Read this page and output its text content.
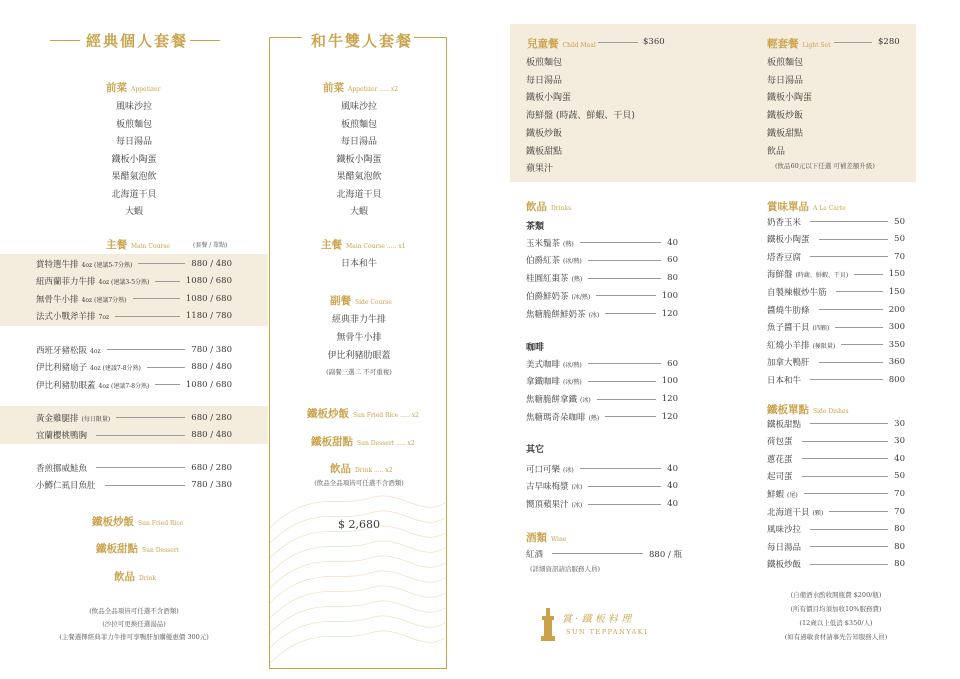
經典個人套餐
前菜 Appetizer
風味沙拉
板煎麵包
每日湯品
鐵板小陶蛋
果醋氣泡飲
北海道干貝
大蝦
主餐 Main Course	(套餐 / 單點)
賞特選牛排 4oz (建議5-7分熟)	880 / 480
紐西蘭菲力牛排 4oz (建議3-5分熟)	1080 / 680
無骨牛小排 4oz (建議7分熟)	1080 / 680
法式小戰斧羊排 7oz	1180 / 780
西班牙豬松阪 4oz	780 / 380
伊比利豬扇子 4oz (建議7-8分熟)	880 / 480
伊比利豬肋眼蓋 4oz (建議7-8分熟)	1080 / 680
黃金雞腿排 (每日限量)	680 / 280
宜蘭櫻桃鴨胸	880 / 480
香煎挪威鮭魚	680 / 280
小鱒仁虱目魚肚	780 / 380
鐵板炒飯 Sun Fried Rice
鐵板甜點 Sun Dessert
飲品 Drink
(飲品全品項皆可任選不含酒類)
(沙拉可更換任選湯品)
(主餐選擇經典菲力牛排可享鴨肝加購優惠價 300元)
和牛雙人套餐
前菜 Appetizer ..... x2
風味沙拉
板煎麵包
每日湯品
鐵板小陶蛋
果醋氣泡飲
北海道干貝
大蝦
主餐 Main Course ..... x1
日本和牛
副餐 Side Course
經典菲力牛排
無骨牛小排
伊比利豬肋眼蓋
(副餐三選二 不可重複)
鐵板炒飯 Sun Fried Rice ..... x2
鐵板甜點 Sun Dessert ..... x2
飲品 Drink ..... x2
(飲品全品項皆可任選不含酒類)
$ 2,680
兒童餐 Child Meal	$360
板煎麵包
每日湯品
鐵板小陶蛋
海鮮盤 (時蔬、鮮蝦、干貝)
鐵板炒飯
鐵板甜點
蘋果汁
輕套餐 Light Set	$280
板煎麵包
每日湯品
鐵板小陶蛋
鐵板炒飯
鐵板甜點
飲品
(飲品60元以下任選 可補差額升級)
飲品 Drinks
茶類
咖啡
其它
酒類 Wine
(詳細資訊請洽服務人員)
玉米鬚茶 (熱)	40
伯爵紅茶 (冰/熱)	60
桂圓紅棗茶 (熱)	80
伯爵鮮奶茶 (冰/熱)	100
焦糖脆餅鮮奶茶 (冰)	120
美式咖啡 (冰/熱)	60
拿鐵咖啡 (冰/熱)	100
焦糖脆餅拿鐵 (冰)	120
焦糖瑪奇朵咖啡 (熱)	120
可口可樂 (冰)	40
古早味梅漿 (冰)	40
嚮頂蘋果汁 (冰)	40
紅酒	880 / 瓶
賞味單品 A La Carte
鐵板單點 Side Dishes
奶香玉米	50
鐵板小陶蛋	50
塔香豆腐	70
海鮮盤 (時蔬、鮮蝦、干貝)	150
自製辣椒炒牛筋	150
醬燒牛肋條	200
魚子醬干貝 (四顆)	300
紅燒小羊排 (極限量)	350
加拿大鴨肝	360
日本和牛	800
鐵板甜點	30
荷包蛋	30
蔥花蛋	40
起司蛋	50
鮮蝦 (尾)	70
北海道干貝 (顆)	70
風味沙拉	80
每日湯品	80
鐵板炒飯	80
(自備酒水酌收開瓶費 $200/瓶)
(所有價目均須加收10%服務費)
(12歲以上低消 $350/人)
(如有過敏食材請事先告知服務人員)
賞 · 鐵 板 料 理
SUN TEPPANYAKI
